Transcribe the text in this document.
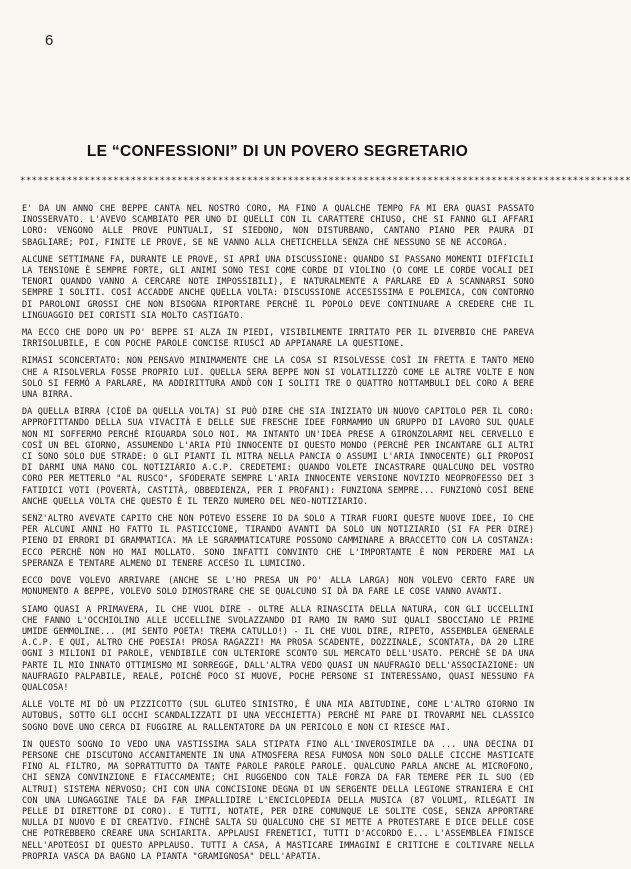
6
LE “CONFESSIONI” DI UN POVERO SEGRETARIO
*********************************************************************************************************

E' DA UN ANNO CHE BEPPE CANTA NEL NOSTRO CORO, MA FINO A QUALCHE TEMPO FA MI ERA QUASI PASSATO INOSSERVATO. L'AVEVO SCAMBIATO PER UNO DI QUELLI CON IL CARATTERE CHIUSO, CHE SI FANNO GLI AFFARI LORO: VENGONO ALLE PROVE PUNTUALI, SI SIEDONO, NON DISTURBANO, CANTANO PIANO PER PAURA DI SBAGLIARE; POI, FINITE LE PROVE, SE NE VANNO ALLA CHETICHELLA SENZA CHE NESSUNO SE NE ACCORGA.

ALCUNE SETTIMANE FA, DURANTE LE PROVE, SI APRÌ UNA DISCUSSIONE: QUANDO SI PASSANO MOMENTI DIFFICILI LA TENSIONE È SEMPRE FORTE, GLI ANIMI SONO TESI COME CORDE DI VIOLINO (O COME LE CORDE VOCALI DEI TENORI QUANDO VANNO A CERCARE NOTE IMPOSSIBILI), E NATURALMENTE A PARLARE ED A SCANNARSI SONO SEMPRE I SOLITI. COSÌ ACCADDE ANCHE QUELLA VOLTA: DISCUSSIONE ACCESISSIMA E POLEMICA, CON CONTORNO DI PAROLONI GROSSI CHE NON BISOGNA RIPORTARE PERCHÈ IL POPOLO DEVE CONTINUARE A CREDERE CHE IL LINGUAGGIO DEI CORISTI SIA MOLTO CASTIGATO.

MA ECCO CHE DOPO UN PO' BEPPE SI ALZA IN PIEDI, VISIBILMENTE IRRITATO PER IL DIVERBIO CHE PAREVA IRRISOLUBILE, E CON POCHE PAROLE CONCISE RIUSCÌ AD APPIANARE LA QUESTIONE.

RIMASI SCONCERTATO: NON PENSAVO MINIMAMENTE CHE LA COSA SI RISOLVESSE COSÌ IN FRETTA E TANTO MENO CHE A RISOLVERLA FOSSE PROPRIO LUI. QUELLA SERA BEPPE NON SI VOLATILIZZÒ COME LE ALTRE VOLTE E NON SOLO SI FERMÒ A PARLARE, MA ADDIRITTURA ANDÒ CON I SOLITI TRE O QUATTRO NOTTAMBULI DEL CORO A BERE UNA BIRRA.

DA QUELLA BIRRA (CIOÈ DA QUELLA VOLTA) SI PUÒ DIRE CHE SIA INIZIATO UN NUOVO CAPITOLO PER IL CORO: APPROFITTANDO DELLA SUA VIVACITÀ E DELLE SUE FRESCHE IDEE FORMAMMO UN GRUPPO DI LAVORO SUL QUALE NON MI SOFFERMO PERCHÈ RIGUARDA SOLO NOI. MA INTANTO UN'IDEA PRESE A GIRONZOLARMI NEL CERVELLO E COSÌ UN BEL GIORNO, ASSUMENDO L'ARIA PIÙ INNOCENTE DI QUESTO MONDO (PERCHÈ PER INCANTARE GLI ALTRI CI SONO SOLO DUE STRADE: O GLI PIANTI IL MITRA NELLA PANCIA O ASSUMI L'ARIA INNOCENTE) GLI PROPOSI DI DARMI UNA MANO COL NOTIZIARIO A.C.P. CREDETEMI: QUANDO VOLETE INCASTRARE QUALCUNO DEL VOSTRO CORO PER METTERLO "AL RUSCO", SFODERATE SEMPRE L'ARIA INNOCENTE VERSIONE NOVIZIO NEOPROFESSO DEI 3 FATIDICI VOTI (POVERTÀ, CASTITÀ, OBBEDIENZA, PER I PROFANI): FUNZIONA SEMPRE... FUNZIONÒ COSÌ BENE ANCHE QUELLA VOLTA CHE QUESTO È IL TERZO NUMERO DEL NEO-NOTIZIARIO.

SENZ'ALTRO AVEVATE CAPITO CHE NON POTEVO ESSERE IO DA SOLO A TIRAR FUORI QUESTE NUOVE IDEE, IO CHE PER ALCUNI ANNI HO FATTO IL PASTICCIONE, TIRANDO AVANTI DA SOLO UN NOTIZIARIO (SI FA PER DIRE) PIENO DI ERRORI DI GRAMMATICA. MA LE SGRAMMATICATURE POSSONO CAMMINARE A BRACCETTO CON LA COSTANZA: ECCO PERCHÈ NON HO MAI MOLLATO. SONO INFATTI CONVINTO CHE L'IMPORTANTE È NON PERDERE MAI LA SPERANZA E TENTARE ALMENO DI TENERE ACCESO IL LUMICINO.

ECCO DOVE VOLEVO ARRIVARE (ANCHE SE L'HO PRESA UN PO' ALLA LARGA) NON VOLEVO CERTO FARE UN MONUMENTO A BEPPE, VOLEVO SOLO DIMOSTRARE CHE SE QUALCUNO SI DÀ DA FARE LE COSE VANNO AVANTI.

SIAMO QUASI A PRIMAVERA, IL CHE VUOL DIRE - OLTRE ALLA RINASCITA DELLA NATURA, CON GLI UCCELLINI CHE FANNO L'OCCHIOLINO ALLE UCCELLINE SVOLAZZANDO DI RAMO IN RAMO SUI QUALI SBOCCIANO LE PRIME UMIDE GEMMOLINE... (MI SENTO POETA! TREMA CATULLO!) - IL CHE VUOL DIRE, RIPETO, ASSEMBLEA GENERALE A.C.P. E QUI, ALTRO CHE POESIA! PROSA RAGAZZI! MA PROSA SCADENTE, DOZZINALE, SCONTATA, DA 20 LIRE OGNI 3 MILIONI DI PAROLE, VENDIBILE CON ULTERIORE SCONTO SUL MERCATO DELL'USATO. PERCHÈ SE DA UNA PARTE IL MIO INNATO OTTIMISMO MI SORREGGE, DALL'ALTRA VEDO QUASI UN NAUFRAGIO DELL'ASSOCIAZIONE: UN NAUFRAGIO PALPABILE, REALE, POICHÈ POCO SI MUOVE, POCHE PERSONE SI INTERESSANO, QUASI NESSUNO FA QUALCOSA!

ALLE VOLTE MI DÒ UN PIZZICOTTO (SUL GLUTEO SINISTRO, È UNA MIA ABITUDINE, COME L'ALTRO GIORNO IN AUTOBUS, SOTTO GLI OCCHI SCANDALIZZATI DI UNA VECCHIETTA) PERCHÈ MI PARE DI TROVARMI NEL CLASSICO SOGNO DOVE UNO CERCA DI FUGGIRE AL RALLENTATORE DA UN PERICOLO E NON CI RIESCE MAI.

IN QUESTO SOGNO IO VEDO UNA VASTISSIMA SALA STIPATA FINO ALL'INVEROSIMILE DA ... UNA DECINA DI PERSONE CHE DISCUTONO ACCANITAMENTE IN UNA ATMOSFERA RESA FUMOSA NON SOLO DALLE CICCHE MASTICATE FINO AL FILTRO, MA SOPRATTUTTO DA TANTE PAROLE PAROLE PAROLE. QUALCUNO PARLA ANCHE AL MICROFONO, CHI SENZA CONVINZIONE E FIACCAMENTE; CHI RUGGENDO CON TALE FORZA DA FAR TEMERE PER IL SUO (ED ALTRUI) SISTEMA NERVOSO; CHI CON UNA CONCISIONE DEGNA DI UN SERGENTE DELLA LEGIONE STRANIERA E CHI CON UNA LUNGAGGINE TALE DA FAR IMPALLIDIRE L'ENCICLOPEDIA DELLA MUSICA (87 VOLUMI, RILEGATI IN PELLE DI DIRETTORE DI CORO). E TUTTI, NOTATE, PER DIRE COMUNQUE LE SOLITE COSE, SENZA APPORTARE NULLA DI NUOVO E DI CREATIVO. FINCHÈ SALTA SU QUALCUNO CHE SI METTE A PROTESTARE E DICE DELLE COSE CHE POTREBBERO CREARE UNA SCHIARITA. APPLAUSI FRENETICI, TUTTI D'ACCORDO E... L'ASSEMBLEA FINISCE NELL'APOTEOSI DI QUESTO APPLAUSO. TUTTI A CASA, A MASTICARE IMMAGINI E CRITICHE E COLTIVARE NELLA PROPRIA VASCA DA BAGNO LA PIANTA "GRAMIGNOSA" DELL'APATIA.
